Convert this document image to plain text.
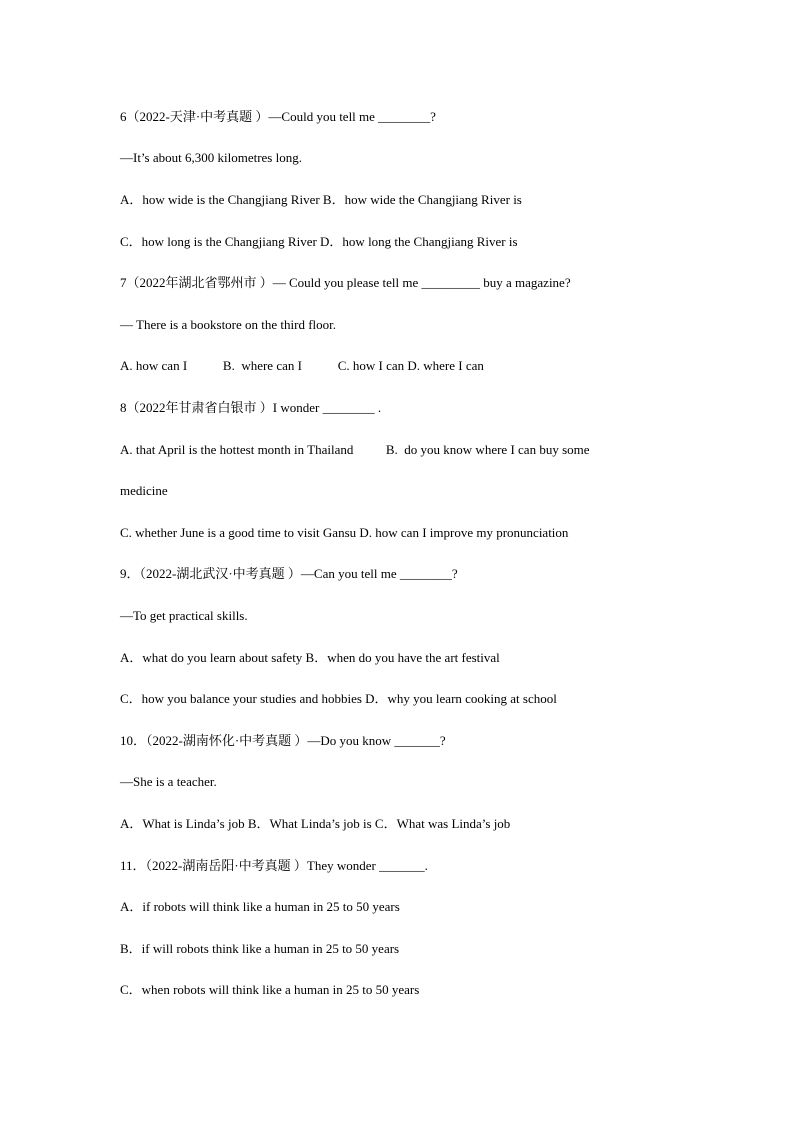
6（2022-天津·中考真题 ）—Could you tell me ________?
—It’s about 6,300 kilometres long.
A．how wide is the Changjiang River B．how wide the Changjiang River is
C．how long is the Changjiang River D．how long the Changjiang River is
7（2022年湖北省鄂州市 ）— Could you please tell me _________ buy a magazine?
— There is a bookstore on the third floor.
A. how can I           B.  where can I           C. how I can D. where I can
8（2022年甘肃省白银市 ）I wonder ________ .
A. that April is the hottest month in Thailand          B.  do you know where I can buy some
medicine
C. whether June is a good time to visit Gansu D. how can I improve my pronunciation
9．（2022-湖北武汉·中考真题 ）—Can you tell me ________?
—To get practical skills.
A．what do you learn about safety B．when do you have the art festival
C．how you balance your studies and hobbies D．why you learn cooking at school
10．（2022-湖南怀化·中考真题 ）—Do you know _______?
—She is a teacher.
A．What is Linda’s job B．What Linda’s job is C．What was Linda’s job
11．（2022-湖南岳阳·中考真题 ）They wonder _______.
A．if robots will think like a human in 25 to 50 years
B．if will robots think like a human in 25 to 50 years
C．when robots will think like a human in 25 to 50 years
